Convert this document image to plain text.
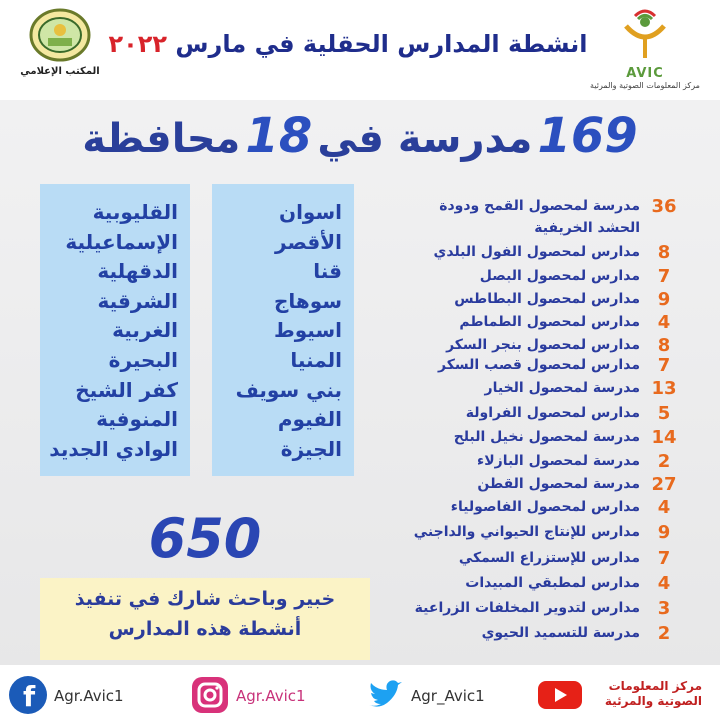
المكتب الإعلامي
انشطة المدارس الحقلية في مارس ٢٠٢٢
AVIC
مركز المعلومات الصوتية والمرئية
169 مدرسة في 18 محافظة
القليوبية
الإسماعيلية
الدقهلية
الشرقية
الغربية
البحيرة
كفر الشيخ
المنوفية
الوادي الجديد
اسوان
الأقصر
قنا
سوهاج
اسيوط
المنيا
بني سويف
الفيوم
الجيزة
36
مدرسة لمحصول القمح ودودة
الحشد الخريفية
8
مدارس لمحصول الفول البلدي
7
مدارس لمحصول البصل
9
مدارس لمحصول البطاطس
4
مدارس لمحصول الطماطم
8
مدارس لمحصول بنجر السكر
7
مدارس لمحصول قصب السكر
13
مدرسة لمحصول الخيار
5
مدارس لمحصول الفراولة
14
مدرسة لمحصول نخيل البلح
2
مدرسة لمحصول البازلاء
27
مدرسة لمحصول القطن
4
مدارس لمحصول الفاصولياء
9
مدارس للإنتاج الحيواني والداجني
7
مدارس للإستزراع السمكي
4
مدارس لمطبقي المبيدات
3
مدارس لتدوير المخلفات الزراعية
2
مدرسة للتسميد الحيوي
650
خبير وباحث شارك في تنفيذ
أنشطة هذه المدارس
f Agr.Avic1	Agr.Avic1	Agr_Avic1
مركز المعلومات الصوتية والمرئية
